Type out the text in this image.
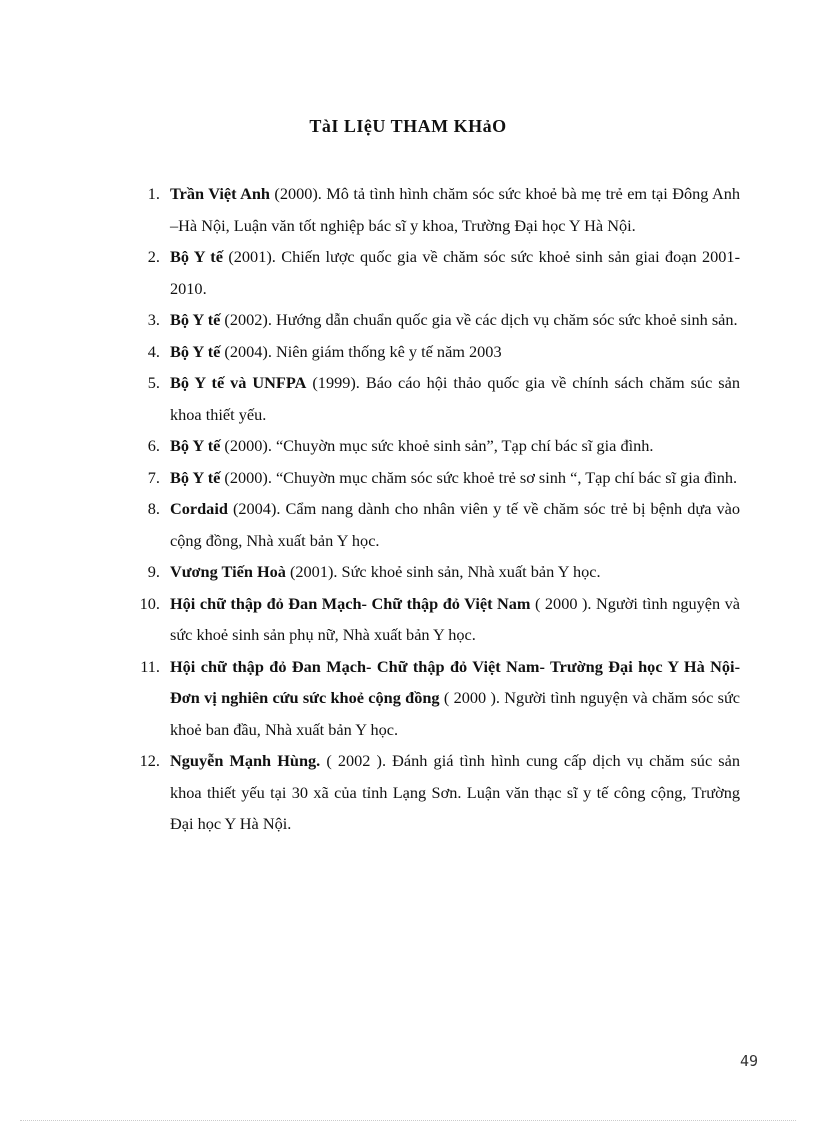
TàI LIệU THAM KHảO
1. Trần Việt Anh (2000). Mô tả tình hình chăm sóc sức khoẻ bà mẹ trẻ em tại Đông Anh –Hà Nội, Luận văn tốt nghiệp bác sĩ y khoa, Trường Đại học Y Hà Nội.
2. Bộ Y tế (2001). Chiến lược quốc gia về chăm sóc sức khoẻ sinh sản giai đoạn 2001- 2010.
3. Bộ Y tế (2002). Hướng dẫn chuẩn quốc gia về các dịch vụ chăm sóc sức khoẻ sinh sản.
4. Bộ Y tế (2004). Niên giám thống kê y tế năm 2003
5. Bộ Y tế và UNFPA (1999). Báo cáo hội thảo quốc gia về chính sách chăm súc sản khoa thiết yếu.
6. Bộ Y tế (2000). “Chuyờn mục sức khoẻ sinh sản”, Tạp chí bác sĩ gia đình.
7. Bộ Y tế (2000). “Chuyờn mục chăm sóc sức khoẻ trẻ sơ sinh “, Tạp chí bác sĩ gia đình.
8. Cordaid (2004). Cẩm nang dành cho nhân viên y tế về chăm sóc trẻ bị bệnh dựa vào cộng đồng, Nhà xuất bản Y học.
9. Vương Tiến Hoà (2001). Sức khoẻ sinh sản, Nhà xuất bản Y học.
10. Hội chữ thập đỏ Đan Mạch- Chữ thập đỏ Việt Nam ( 2000 ). Người tình nguyện và sức khoẻ sinh sản phụ nữ, Nhà xuất bản Y học.
11. Hội chữ thập đỏ Đan Mạch- Chữ thập đỏ Việt Nam- Trường Đại học Y Hà Nội- Đơn vị nghiên cứu sức khoẻ cộng đồng ( 2000 ). Người tình nguyện và chăm sóc sức khoẻ ban đầu, Nhà xuất bản Y học.
12. Nguyễn Mạnh Hùng. ( 2002 ). Đánh giá tình hình cung cấp dịch vụ chăm súc sản khoa thiết yếu tại 30 xã của tỉnh Lạng Sơn. Luận văn thạc sĩ y tế công cộng, Trường Đại học Y Hà Nội.
49
